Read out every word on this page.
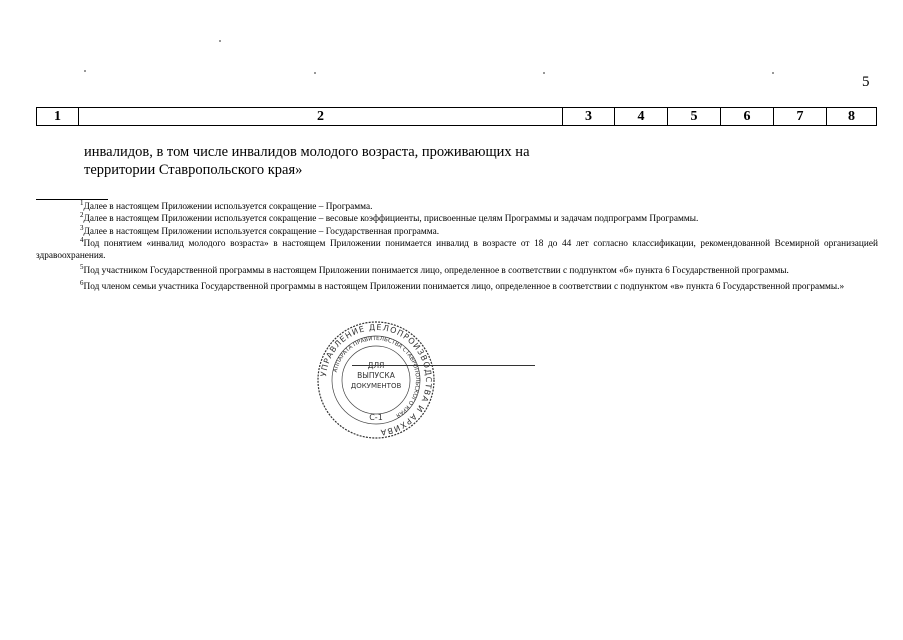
5
1	2	3	4	5	6	7	8
инвалидов, в том числе инвалидов молодого возраста, проживающих на
территории Ставропольского края»

$^1$Далее в настоящем Приложении используется сокращение – Программа.

$^2$Далее в настоящем Приложении используется сокращение – весовые коэффициенты, присвоенные целям Программы и задачам подпрограмм Программы.

$^3$Далее в настоящем Приложении используется сокращение – Государственная программа.

$^4$Под понятием «инвалид молодого возраста» в настоящем Приложении понимается инвалид в возрасте от 18 до 44 лет согласно классификации, рекомендованной Всемирной организацией здравоохранения.

$^5$Под участником Государственной программы в настоящем Приложении понимается лицо, определенное в соответствии с подпунктом «б» пункта 6 Государственной программы.

$^6$Под членом семьи участника Государственной программы в настоящем Приложении понимается лицо, определенное в соответствии с подпунктом «в» пункта 6 Государственной программы.»

УПРАВЛЕНИЕ ДЕЛОПРОИЗВОДСТВА И АРХИВА
АППАРАТА ПРАВИТЕЛЬСТВА СТАВРОПОЛЬСКОГО КРАЯ
ДЛЯ
ВЫПУСКА
ДОКУМЕНТОВ
С-1
